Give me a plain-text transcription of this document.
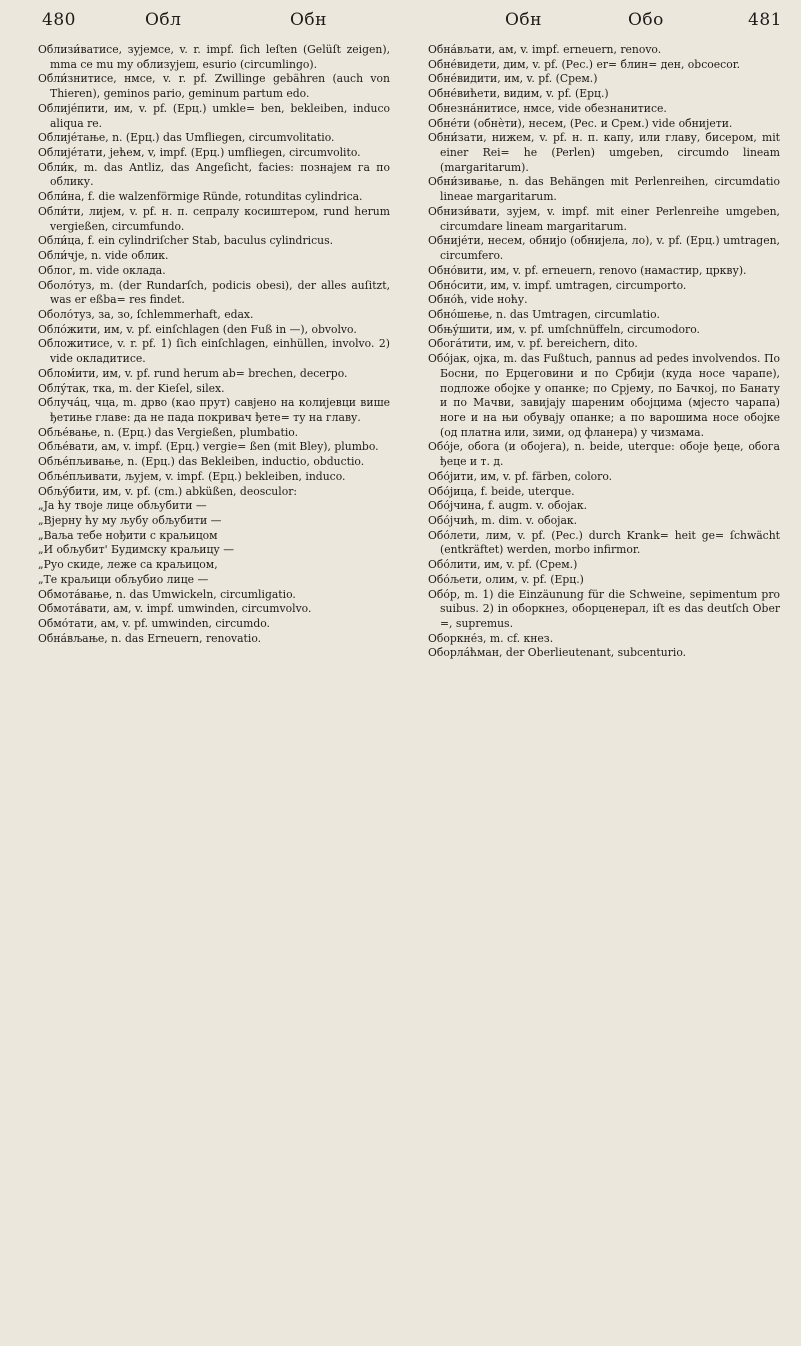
480	Обл	Обн	Обн	Обо	481

Облизи́ватисе, зујемсе, v. r. impf. ſich leſten (Gelüſt zeigen), mma ce mu my облизујеш, esurio (circumlingo).

Обли́знитисе, нмсе, v. r. pf. Zwillinge gebähren (auch von Thieren), geminos pario, geminum partum edo.

Облије́пити, им, v. pf. (Ерц.) umkle= ben, bekleiben, induco aliqua re.

Облије́тање, n. (Ерц.) das Umfliegen, circumvolitatio.

Облије́тати, јећем, v, impf. (Ерц.) umfliegen, circumvolito.

Обли́к, m. das Antliz, das Angeſicht, facies: познајем га по облику.

Обли́на, f. die walzenförmige Ründe, rotunditas cylindrica.

Обли́ти, лијем, v. pf. н. п. сепралу косиштером, rund herum vergießen, circumfundo.

Обли́ца, f. ein cylindriſcher Stab, baculus cylindricus.

Обли́чје, n. vide облик.

Облог, m. vide оклада.

Оболо́туз, m. (der Rundarſch, podicis obesi), der alles auſitzt, was er eßba= res findet.

Оболо́туз, за, зо, ſchlemmerhaft, edax.

Обло́жити, им, v. pf. einſchlagen (den Fuß in —), obvolvo.

Обложитисе, v. r. pf. 1) ſich einſchlagen, einhüllen, involvo. 2) vide окладитисе.

Облом́ити, им, v. pf. rund herum ab= brechen, decerpo.

Облу́так, тка, m. der Kieſel, silex.

Облуча́ц, чца, m. дрво (као прут) савјено на колијевци више ђетиње главе: да не пада покривач ђете= ту на главу.

Обље́вање, n. (Ерц.) das Vergießen, plumbatio.

Обље́вати, ам, v. impf. (Ерц.) vergie= ßen (mit Bley), plumbo.

Обље́пљивање, n. (Ерц.) das Bekleiben, inductio, obductio.

Обље́пљивати, љујем, v. impf. (Ерц.) bekleiben, induco.

Обљу́бити, им, v. pf. (cm.) abküßen, deosculor:

„Ја ћу твоје лице обљубити —

„Вјерну ћу му љубу обљубити —

„Ваља тебе нођити с краљицом

„И обљубит' Будимску краљицу —

„Руо скиде, леже са краљицом,

„Те краљици обљубио лице —

Обмота́вање, n. das Umwickeln, circumligatio.

Обмота́вати, ам, v. impf. umwinden, circumvolvo.

Обмо́тати, ам, v. pf. umwinden, circumdo.

Обна́вљање, n. das Erneuern, renovatio.

Обна́вљати, ам, v. impf. erneuern, renovo.

Обне́видети, дим, v. pf. (Рес.) er= блин= ден, obcoecor.

Обне́видити, им, v. pf. (Срем.)

Обне́вићети, видим, v. pf. (Ерц.)

Обнезна́нитисе, нмсе, vide обезнанитисе.

Обне́ти (обнѐти), несем, (Рес. и Срем.) vide обнијети.

Обни́зати, нижем, v. pf. н. п. капу, или главу, бисером, mit einer Rei= he (Perlen) umgeben, circumdo lineam (margaritarum).

Обни́зивање, n. das Behängen mit Perlenreihen, circumdatio lineae margaritarum.

Обнизи́вати, зујем, v. impf. mit einer Perlenreihe umgeben, circumdare lineam margaritarum.

Обније́ти, несем, обнијо (обнијела, ло), v. pf. (Ерц.) umtragen, circumfero.

Обно́вити, им, v. pf. erneuern, renovo (намастир, цркву).

Обно́сити, им, v. impf. umtragen, circumporto.

Обно́ћ, vide ноћу.

Обно́шење, n. das Umtragen, circumlatio.

Обњу́шити, им, v. pf. umſchnüffeln, circumodoro.

Обога́тити, им, v. pf. bereichern, dito.

Обо́јак, ојка, m. das Fußtuch, pannus ad pedes involvendos. По Босни, по Ерцеговини и по Србији (куда носе чарапе), подложе обојке у опанке; по Срјему, по Бачкој, по Банату и по Мачви, завијају шареним обојцима (мјесто чарапа) ноге и на њи обувају опанке; а по варошима носе обојке (од платна или, зими, од фланера) у чизмама.

Обо́је, обога (и обојега), n. beide, uterque: обоје ђеце, обога ђеце и т. д.

Обо́јити, им, v. pf. färben, coloro.

Обо́јица, f. beide, uterque.

Обо́јчина, f. augm. v. обојак.

Обо́јчић, m. dim. v. обојак.

Обо́лети, лим, v. pf. (Рес.) durch Krank= heit ge= ſchwächt (entkräftet) werden, morbo infirmor.

Обо́лити, им, v. pf. (Срем.)

Обо́љети, олим, v. pf. (Ерц.)

Обо́р, m. 1) die Einzäunung für die Schweine, sepimentum pro suibus. 2) in оборкнез, оборценерал, iſt es das deutſch Ober =, supremus.

Оборкне́з, m. cf. кнез.

Оборла́ћман, der Oberlieutenant, subcenturio.
